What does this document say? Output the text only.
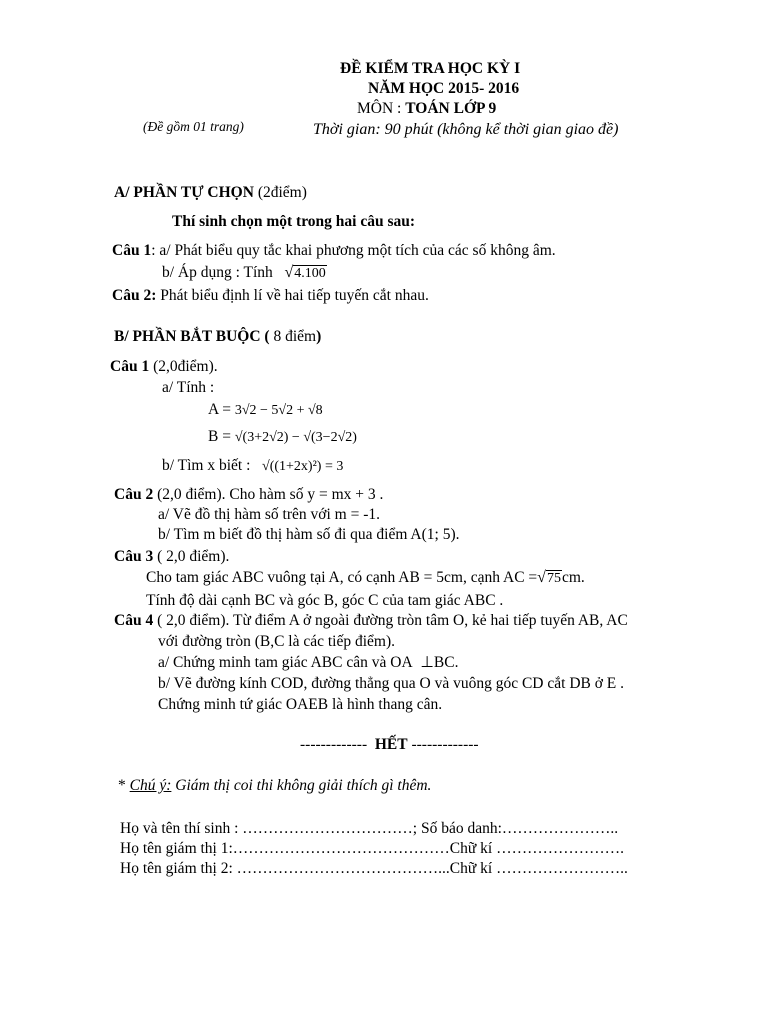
ĐỀ KIỂM TRA HỌC KỲ I
NĂM HỌC 2015- 2016
MÔN : TOÁN LỚP 9
(Đề gồm 01 trang)	Thời gian: 90 phút (không kể thời gian giao đề)
A/ PHẦN TỰ CHỌN (2điểm)
Thí sinh chọn một trong hai câu sau:
Câu 1: a/ Phát biểu quy tắc khai phương một tích của các số không âm.
b/ Áp dụng : Tính √4.100
Câu 2: Phát biểu định lí về hai tiếp tuyến cắt nhau.
B/ PHẦN BẮT BUỘC ( 8 điểm)
Câu 1 (2,0điểm).
a/ Tính :
A = 3√2 − 5√2 + √8
B = √(3+2√2) − √(3−2√2)
b/ Tìm x biết : √((1+2x)²) = 3
Câu 2 (2,0 điểm). Cho hàm số y = mx + 3 .
a/ Vẽ đồ thị hàm số trên với m = -1.
b/ Tìm m biết đồ thị hàm số đi qua điểm A(1; 5).
Câu 3 ( 2,0 điểm).
Cho tam giác ABC vuông tại A, có cạnh AB = 5cm, cạnh AC =√75cm.
Tính độ dài cạnh BC và góc B, góc C của tam giác ABC .
Câu 4 ( 2,0 điểm). Từ điểm A ở ngoài đường tròn tâm O, kẻ hai tiếp tuyến AB, AC
với đường tròn (B,C là các tiếp điểm).
a/ Chứng minh tam giác ABC cân và OA ⊥BC.
b/ Vẽ đường kính COD, đường thẳng qua O và vuông góc CD cắt DB ở E .
Chứng minh tứ giác OAEB là hình thang cân.
------------- HẾT -------------
* Chú ý: Giám thị coi thi không giải thích gì thêm.
Họ và tên thí sinh : ……………………………; Số báo danh:…………………..
Họ tên giám thị 1:……………………………………Chữ kí …………………….
Họ tên giám thị 2: …………………………………...Chữ kí ……………………..
